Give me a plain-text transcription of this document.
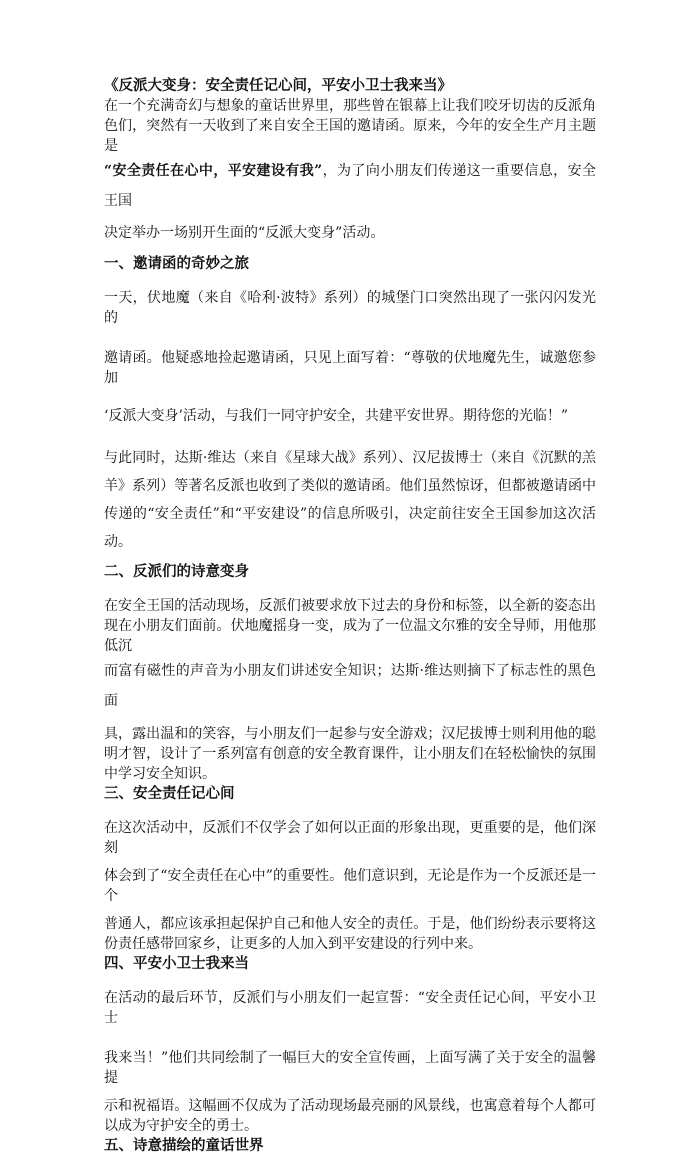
《反派大变身：安全责任记心间，平安小卫士我来当》

在一个充满奇幻与想象的童话世界里，那些曾在银幕上让我们咬牙切齿的反派角色们，突然有一天收到了来自安全王国的邀请函。原来，今年的安全生产月主题是

“安全责任在心中，平安建设有我”，为了向小朋友们传递这一重要信息，安全王国

决定举办一场别开生面的“反派大变身”活动。

一、邀请函的奇妙之旅

一天，伏地魔（来自《哈利·波特》系列）的城堡门口突然出现了一张闪闪发光的

邀请函。他疑惑地捡起邀请函，只见上面写着：“尊敬的伏地魔先生，诚邀您参加

‘反派大变身’活动，与我们一同守护安全，共建平安世界。期待您的光临！”

与此同时，达斯·维达（来自《星球大战》系列）、汉尼拔博士（来自《沉默的羔羊》系列）等著名反派也收到了类似的邀请函。他们虽然惊讶，但都被邀请函中传递的“安全责任”和“平安建设”的信息所吸引，决定前往安全王国参加这次活动。

二、反派们的诗意变身

在安全王国的活动现场，反派们被要求放下过去的身份和标签，以全新的姿态出现在小朋友们面前。伏地魔摇身一变，成为了一位温文尔雅的安全导师，用他那低沉

而富有磁性的声音为小朋友们讲述安全知识；达斯·维达则摘下了标志性的黑色面

具，露出温和的笑容，与小朋友们一起参与安全游戏；汉尼拔博士则利用他的聪明才智，设计了一系列富有创意的安全教育课件，让小朋友们在轻松愉快的氛围中学习安全知识。

三、安全责任记心间

在这次活动中，反派们不仅学会了如何以正面的形象出现，更重要的是，他们深刻

体会到了“安全责任在心中”的重要性。他们意识到，无论是作为一个反派还是一个

普通人，都应该承担起保护自己和他人安全的责任。于是，他们纷纷表示要将这份责任感带回家乡，让更多的人加入到平安建设的行列中来。

四、平安小卫士我来当

在活动的最后环节，反派们与小朋友们一起宣誓：“安全责任记心间，平安小卫士

我来当！”他们共同绘制了一幅巨大的安全宣传画，上面写满了关于安全的温馨提

示和祝福语。这幅画不仅成为了活动现场最亮丽的风景线，也寓意着每个人都可以成为守护安全的勇士。

五、诗意描绘的童话世界
